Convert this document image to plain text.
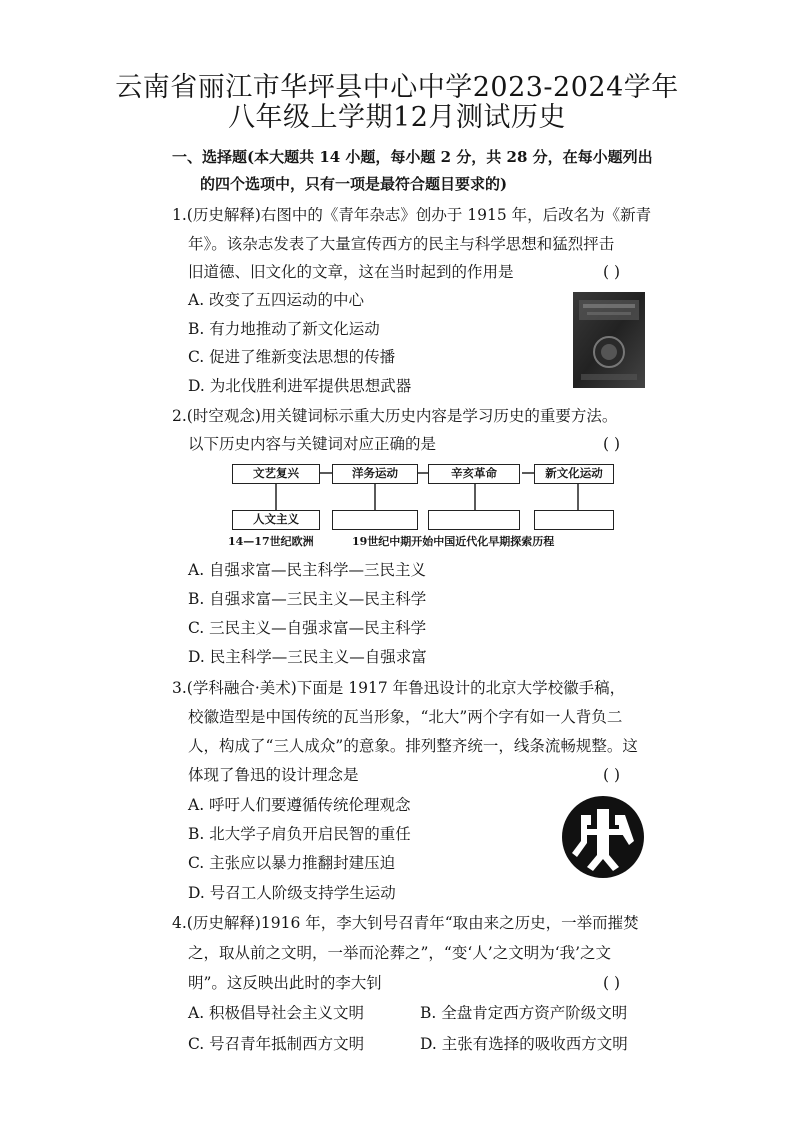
云南省丽江市华坪县中心中学2023-2024学年
八年级上学期12月测试历史
一、选择题(本大题共 14 小题，每小题 2 分，共 28 分，在每小题列出
的四个选项中，只有一项是最符合题目要求的)
1.(历史解释)右图中的《青年杂志》创办于 1915 年，后改名为《新青
年》。该杂志发表了大量宣传西方的民主与科学思想和猛烈抨击
旧道德、旧文化的文章，这在当时起到的作用是	( )
A. 改变了五四运动的中心
B. 有力地推动了新文化运动
C. 促进了维新变法思想的传播
D. 为北伐胜利进军提供思想武器
2.(时空观念)用关键词标示重大历史内容是学习历史的重要方法。
以下历史内容与关键词对应正确的是	( )
文艺复兴	洋务运动	辛亥革命	新文化运动
人文主义
14—17世纪欧洲	19世纪中期开始中国近代化早期探索历程
A. 自强求富—民主科学—三民主义
B. 自强求富—三民主义—民主科学
C. 三民主义—自强求富—民主科学
D. 民主科学—三民主义—自强求富
3.(学科融合·美术)下面是 1917 年鲁迅设计的北京大学校徽手稿，
校徽造型是中国传统的瓦当形象，“北大”两个字有如一人背负二
人，构成了“三人成众”的意象。排列整齐统一，线条流畅规整。这
体现了鲁迅的设计理念是	( )
A. 呼吁人们要遵循传统伦理观念
B. 北大学子肩负开启民智的重任
C. 主张应以暴力推翻封建压迫
D. 号召工人阶级支持学生运动
4.(历史解释)1916 年，李大钊号召青年“取由来之历史，一举而摧焚
之，取从前之文明，一举而沦葬之”，“变‘人’之文明为‘我’之文
明”。这反映出此时的李大钊	( )
A. 积极倡导社会主义文明	B. 全盘肯定西方资产阶级文明
C. 号召青年抵制西方文明	D. 主张有选择的吸收西方文明
